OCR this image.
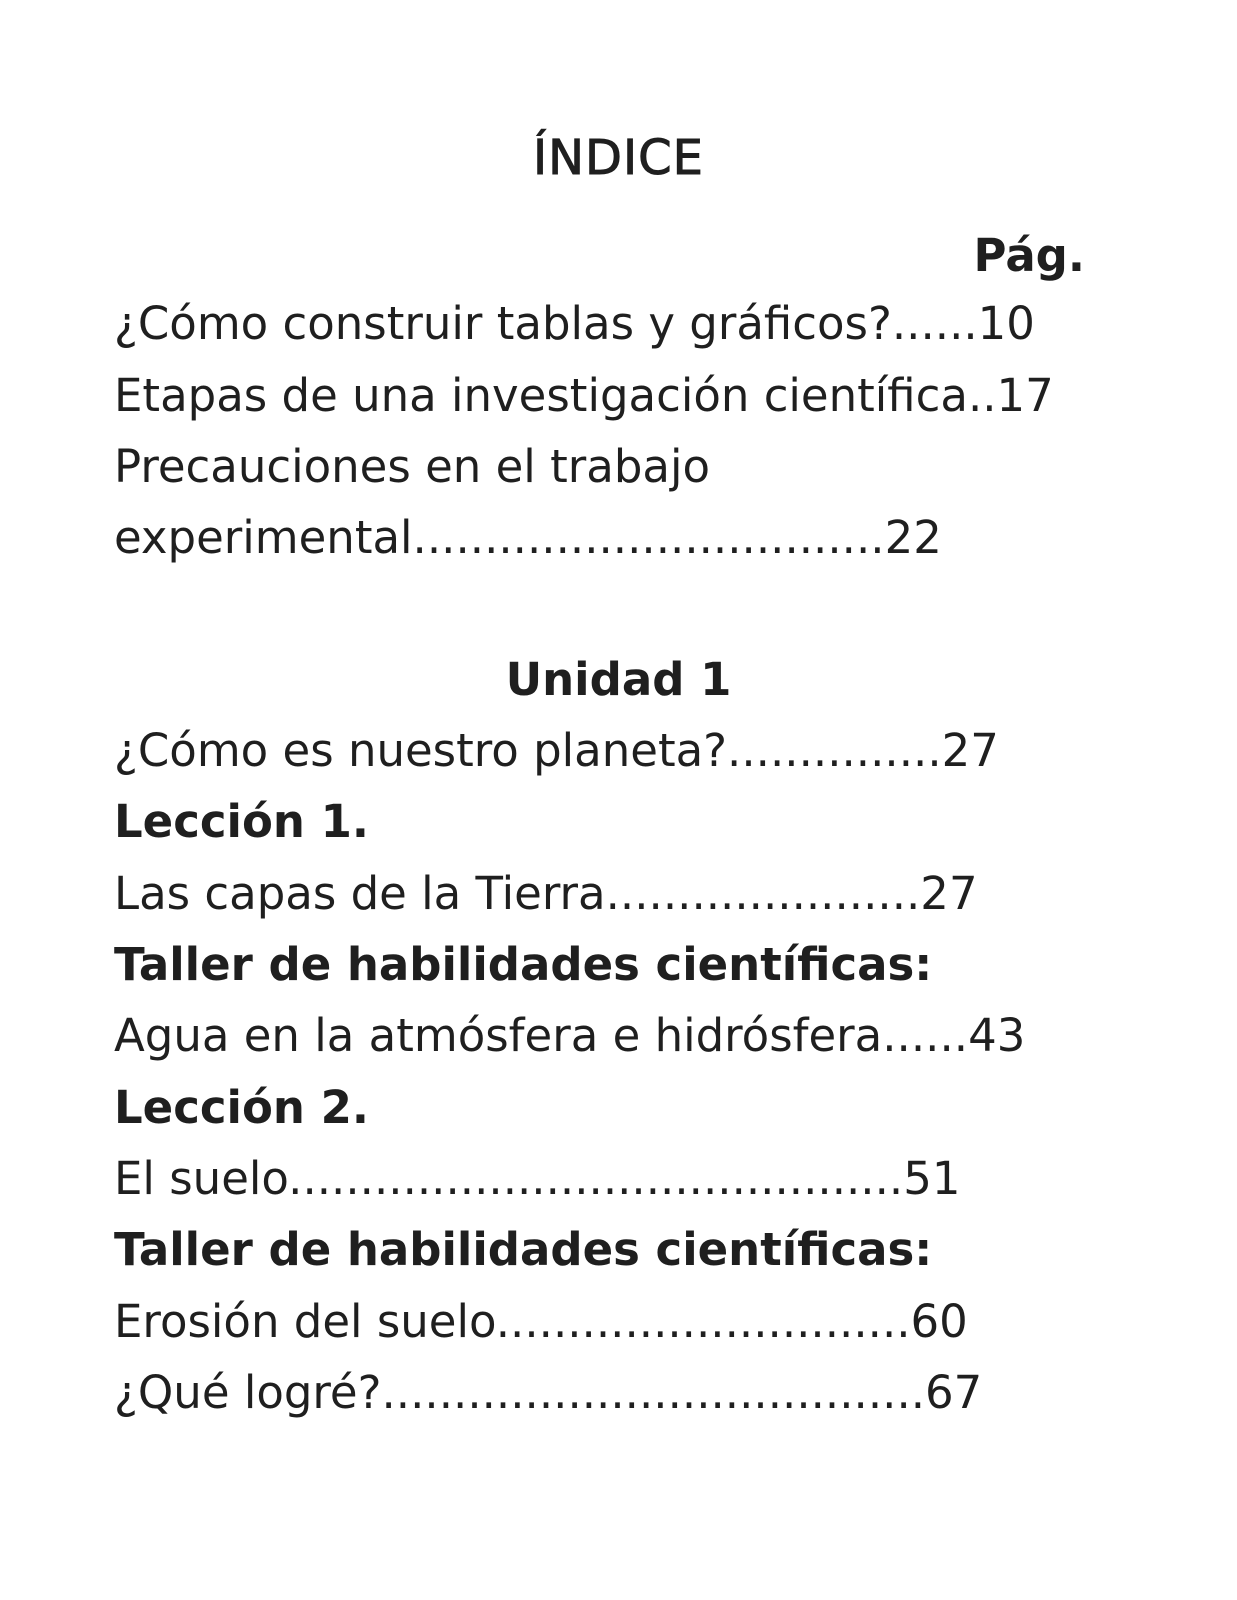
ÍNDICE
Pág.
¿Cómo construir tablas y gráficos?......10
Etapas de una investigación científica..17
Precauciones en el trabajo
experimental.................................22
Unidad 1
¿Cómo es nuestro planeta?...............27
Lección 1.
Las capas de la Tierra......................27
Taller de habilidades científicas:
Agua en la atmósfera e hidrósfera......43
Lección 2.
El suelo...........................................51
Taller de habilidades científicas:
Erosión del suelo.............................60
¿Qué logré?......................................67
